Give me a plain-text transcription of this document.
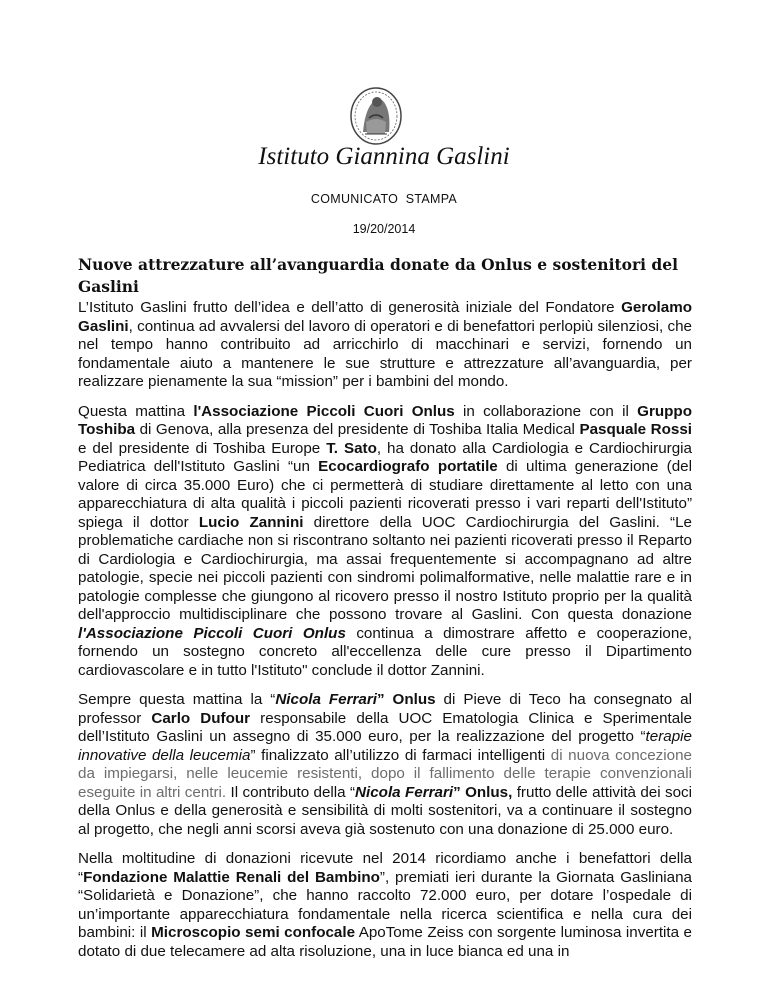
Istituto Giannina Gaslini
COMUNICATO  STAMPA
19/20/2014
Nuove attrezzature all’avanguardia donate da Onlus e sostenitori del Gaslini

L’Istituto Gaslini frutto dell’idea e dell’atto di generosità iniziale del Fondatore Gerolamo Gaslini, continua ad avvalersi del lavoro di operatori e di benefattori perlopiù silenziosi, che nel tempo hanno contribuito ad arricchirlo di macchinari e servizi, fornendo un fondamentale aiuto a mantenere le sue strutture e attrezzature all’avanguardia, per realizzare pienamente la sua “mission” per i bambini del mondo.

Questa mattina l'Associazione Piccoli Cuori Onlus in collaborazione con il Gruppo Toshiba di Genova, alla presenza del presidente di Toshiba Italia Medical Pasquale Rossi e del presidente di Toshiba Europe T. Sato, ha donato alla Cardiologia e Cardiochirurgia Pediatrica dell'Istituto Gaslini “un Ecocardiografo portatile di ultima generazione (del valore di circa 35.000 Euro) che ci permetterà di studiare direttamente al letto con una apparecchiatura di alta qualità i piccoli pazienti ricoverati presso i vari reparti dell'Istituto” spiega il dottor Lucio Zannini direttore della UOC Cardiochirurgia del Gaslini. “Le problematiche cardiache non si riscontrano soltanto nei pazienti ricoverati presso il Reparto di Cardiologia e Cardiochirurgia, ma assai frequentemente si accompagnano ad altre patologie, specie nei piccoli pazienti con sindromi polimalformative, nelle malattie rare e in patologie complesse che giungono al ricovero presso il nostro Istituto proprio per la qualità dell'approccio multidisciplinare che possono trovare al Gaslini. Con questa donazione l'Associazione Piccoli Cuori Onlus continua a dimostrare affetto e cooperazione, fornendo un sostegno concreto all'eccellenza delle cure presso il Dipartimento cardiovascolare e in tutto l'Istituto" conclude il dottor Zannini.

Sempre questa mattina la “Nicola Ferrari” Onlus di Pieve di Teco ha consegnato al professor Carlo Dufour responsabile della UOC Ematologia Clinica e Sperimentale dell’Istituto Gaslini un assegno di 35.000 euro, per la realizzazione del progetto “terapie innovative della leucemia” finalizzato all’utilizzo di farmaci intelligenti di nuova concezione da impiegarsi, nelle leucemie resistenti, dopo il fallimento delle terapie convenzionali eseguite in altri centri. Il contributo della “Nicola Ferrari” Onlus, frutto delle attività dei soci della Onlus e della generosità e sensibilità di molti sostenitori, va a continuare il sostegno al progetto, che negli anni scorsi aveva già sostenuto con una donazione di 25.000 euro.

Nella moltitudine di donazioni ricevute nel 2014 ricordiamo anche i benefattori della “Fondazione Malattie Renali del Bambino”, premiati ieri durante la Giornata Gasliniana “Solidarietà e Donazione”, che hanno raccolto 72.000 euro, per dotare l’ospedale di un’importante apparecchiatura fondamentale nella ricerca scientifica e nella cura dei bambini: il Microscopio semi confocale ApoTome Zeiss con sorgente luminosa invertita e dotato di due telecamere ad alta risoluzione, una in luce bianca ed una in
